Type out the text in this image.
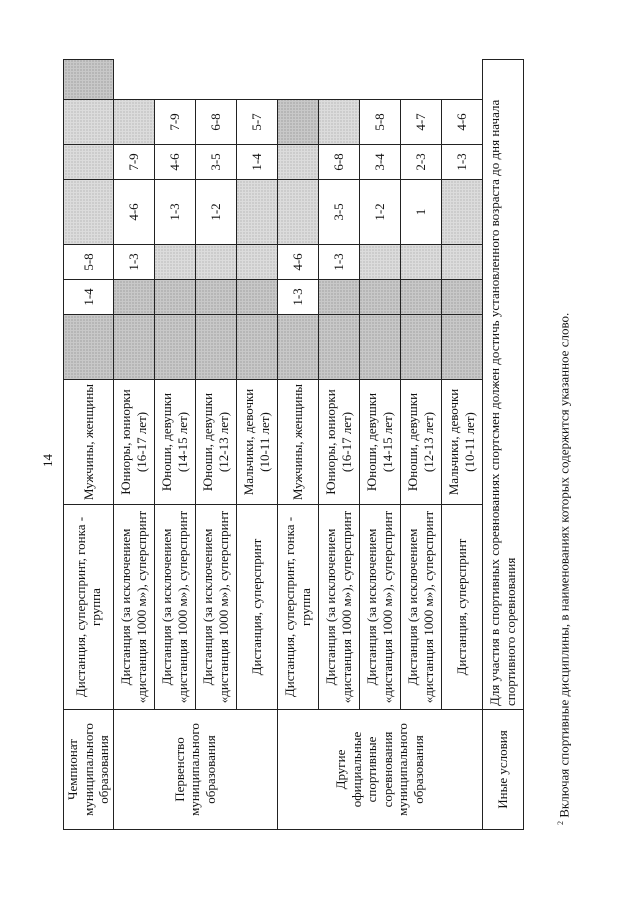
14
Чемпионат муниципального образования	Дистанция, суперспринт, гонка - группа	Мужчины, женщины		1-4	5-8				
Первенство муниципального образования	Дистанция (за исключением «дистанция 1000 м»), суперспринт	Юниоры, юниорки (16-17 лет)			1-3	4-6	7-9		
	Дистанция (за исключением «дистанция 1000 м»), суперспринт	Юноши, девушки (14-15 лет)				1-3	4-6	7-9	
	Дистанция (за исключением «дистанция 1000 м»), суперспринт	Юноши, девушки (12-13 лет)				1-2	3-5	6-8	
	Дистанция, суперспринт	Мальчики, девочки (10-11 лет)					1-4	5-7	
Другие официальные спортивные соревнования муниципального образования	Дистанция, суперспринт, гонка - группа	Мужчины, женщины		1-3	4-6				
	Дистанция (за исключением «дистанция 1000 м»), суперспринт	Юниоры, юниорки (16-17 лет)			1-3	3-5	6-8		
	Дистанция (за исключением «дистанция 1000 м»), суперспринт	Юноши, девушки (14-15 лет)				1-2	3-4	5-8	
	Дистанция (за исключением «дистанция 1000 м»), суперспринт	Юноши, девушки (12-13 лет)				1	2-3	4-7	
	Дистанция, суперспринт	Мальчики, девочки (10-11 лет)					1-3	4-6	
Иные условия	Для участия в спортивных соревнованиях спортсмен должен достичь установленного возраста до дня начала спортивного соревнования								
$^2$ Включая спортивные дисциплины, в наименованиях которых содержится указанное слово.
